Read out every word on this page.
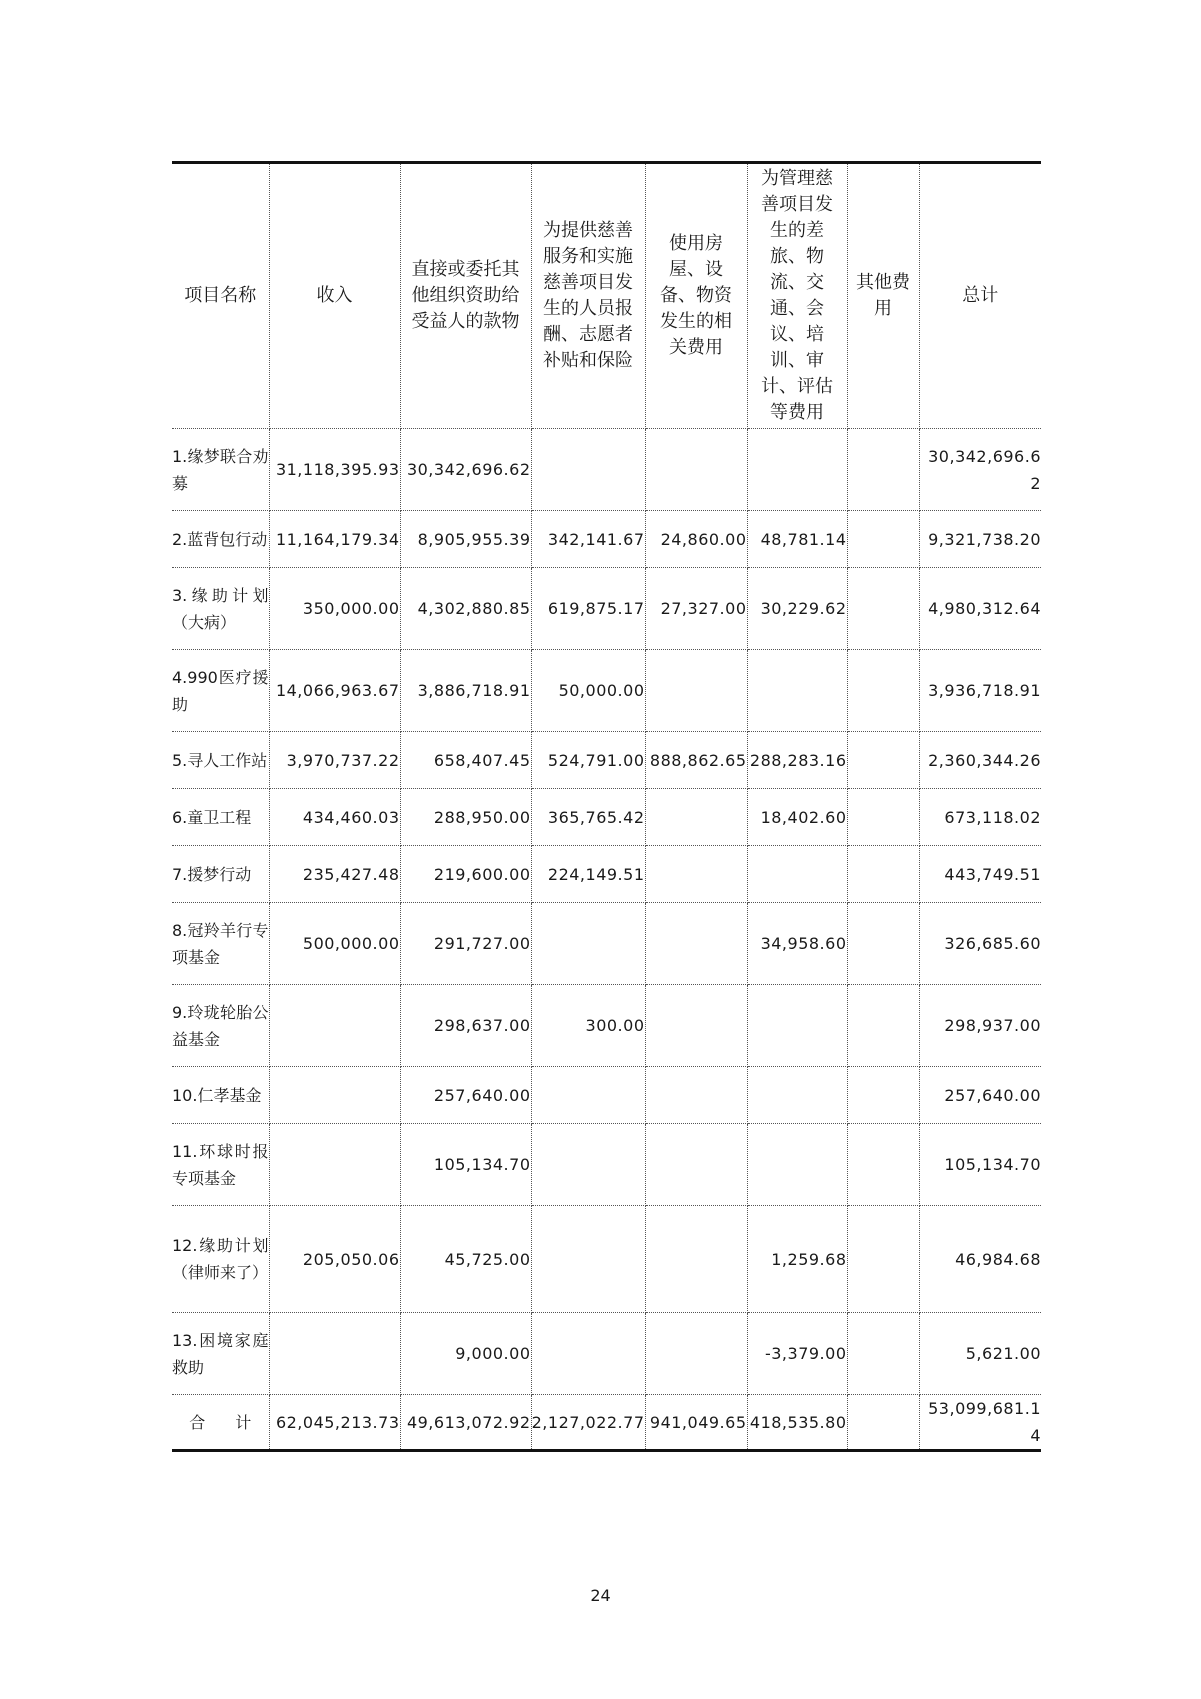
项目名称	收入	直接或委托其他组织资助给受益人的款物	为提供慈善服务和实施慈善项目发生的人员报酬、志愿者补贴和保险	使用房屋、设备、物资发生的相关费用	为管理慈善项目发生的差旅、物流、交通、会议、培训、审计、评估等费用	其他费用	总计
1.缘梦联合劝募	31,118,395.93	30,342,696.62					30,342,696.62
2.蓝背包行动	11,164,179.34	8,905,955.39	342,141.67	24,860.00	48,781.14		9,321,738.20
3.缘助计划（大病）	350,000.00	4,302,880.85	619,875.17	27,327.00	30,229.62		4,980,312.64
4.990医疗援助	14,066,963.67	3,886,718.91	50,000.00				3,936,718.91
5.寻人工作站	3,970,737.22	658,407.45	524,791.00	888,862.65	288,283.16		2,360,344.26
6.童卫工程	434,460.03	288,950.00	365,765.42		18,402.60		673,118.02
7.援梦行动	235,427.48	219,600.00	224,149.51				443,749.51
8.冠羚羊行专项基金	500,000.00	291,727.00			34,958.60		326,685.60
9.玲珑轮胎公益基金		298,637.00	300.00				298,937.00
10.仁孝基金		257,640.00					257,640.00
11.环球时报专项基金		105,134.70					105,134.70
12.缘助计划（律师来了）	205,050.06	45,725.00			1,259.68		46,984.68
13.困境家庭救助		9,000.00			-3,379.00		5,621.00
合 计	62,045,213.73	49,613,072.92	2,127,022.77	941,049.65	418,535.80		53,099,681.14
24
